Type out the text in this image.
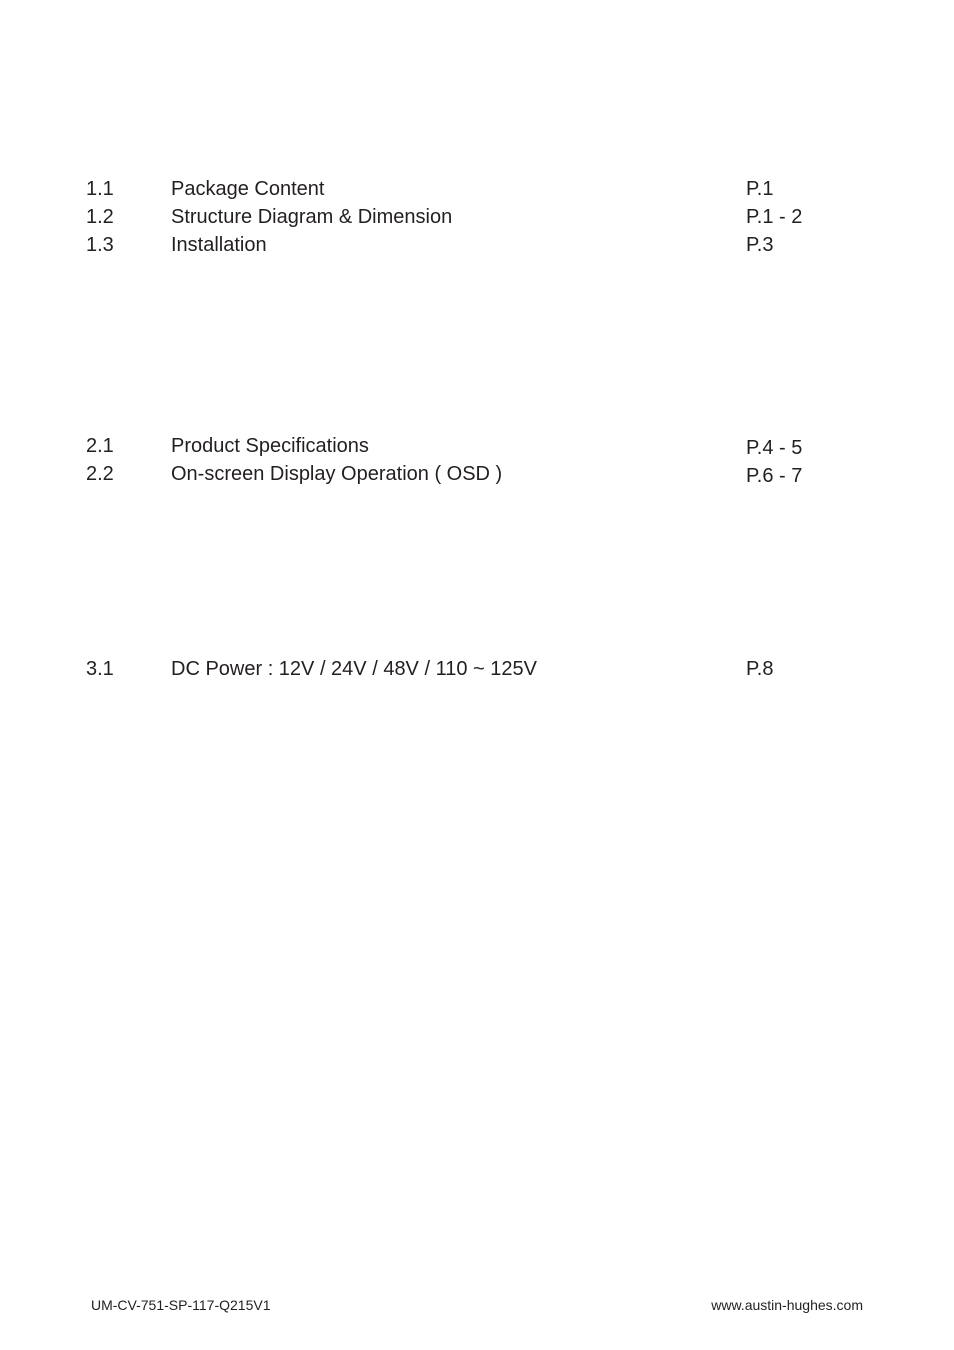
1.1	Package Content	P.1
1.2	Structure Diagram & Dimension	P.1 - 2
1.3	Installation	P.3
2.1	Product Specifications	P.4 - 5
2.2	On-screen Display Operation ( OSD )	P.6 - 7
3.1	DC Power : 12V / 24V / 48V / 110 ~ 125V	P.8
UM-CV-751-SP-117-Q215V1	www.austin-hughes.com
